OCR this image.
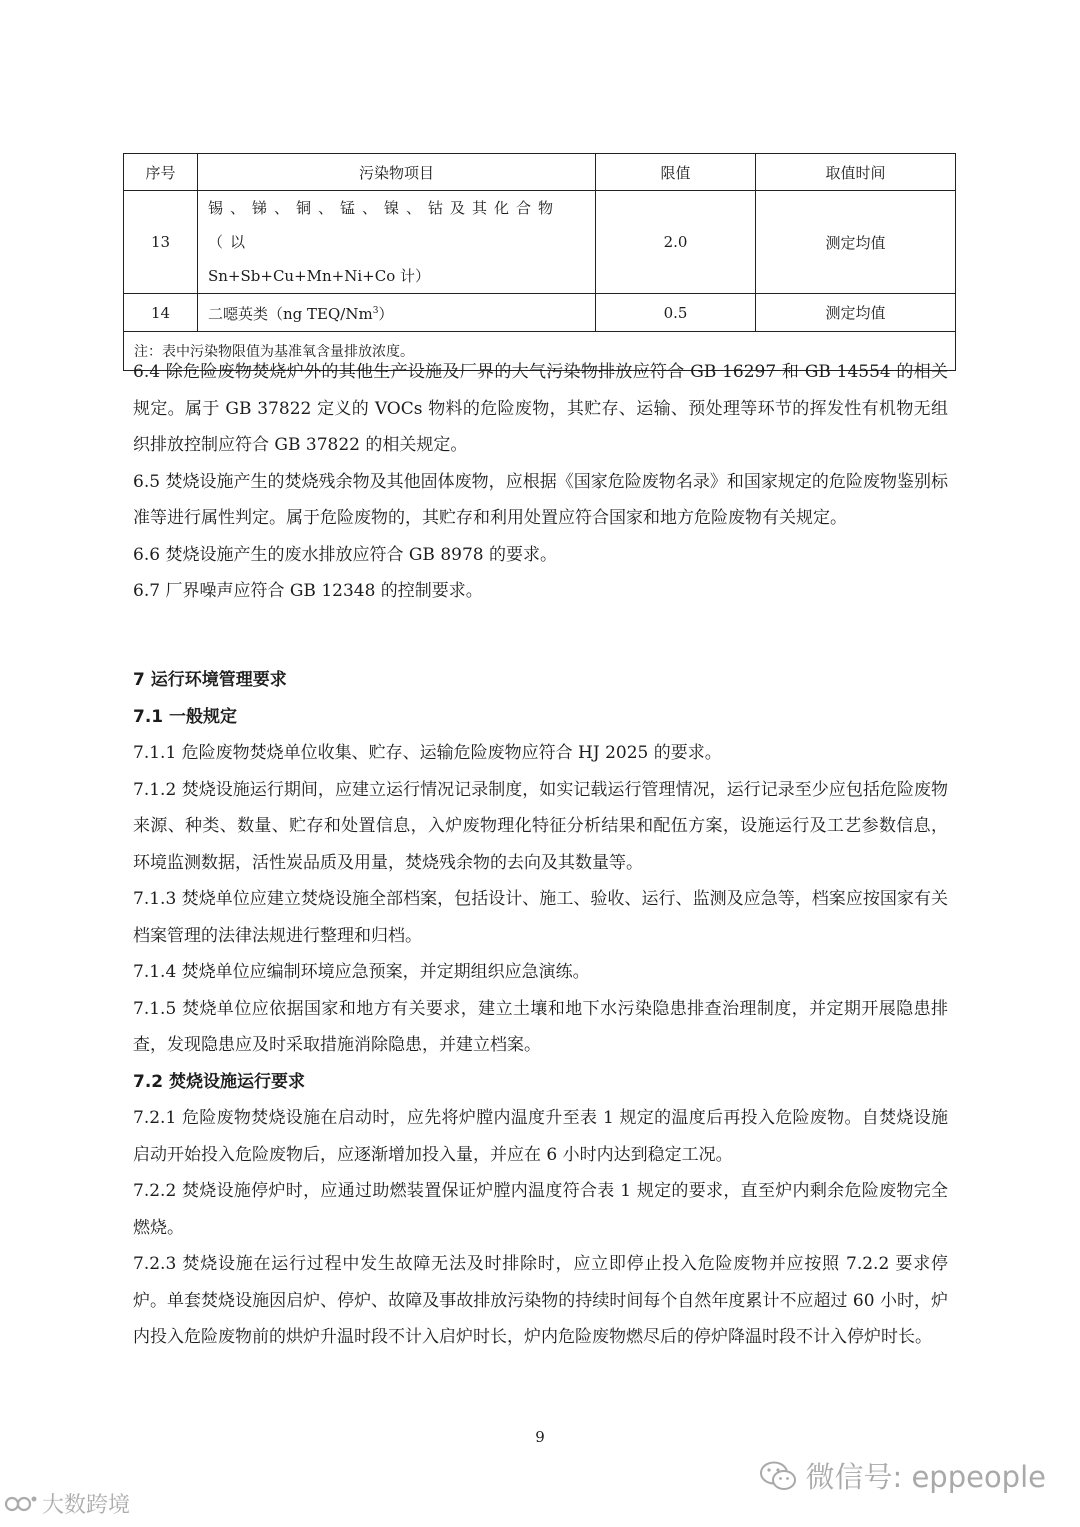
序号	污染物项目	限值	取值时间
13	锡、锑、铜、锰、镍、钴及其化合物（以
Sn+Sb+Cu+Mn+Ni+Co 计）	2.0	测定均值
14	二噁英类（ng TEQ/Nm$^3$）	0.5	测定均值
注：表中污染物限值为基准氧含量排放浓度。			

6.4 除危险废物焚烧炉外的其他生产设施及厂界的大气污染物排放应符合 GB 16297 和 GB 14554 的相关规定。属于 GB 37822 定义的 VOCs 物料的危险废物，其贮存、运输、预处理等环节的挥发性有机物无组织排放控制应符合 GB 37822 的相关规定。

6.5 焚烧设施产生的焚烧残余物及其他固体废物，应根据《国家危险废物名录》和国家规定的危险废物鉴别标准等进行属性判定。属于危险废物的，其贮存和利用处置应符合国家和地方危险废物有关规定。

6.6 焚烧设施产生的废水排放应符合 GB 8978 的要求。

6.7 厂界噪声应符合 GB 12348 的控制要求。

7 运行环境管理要求

7.1 一般规定

7.1.1 危险废物焚烧单位收集、贮存、运输危险废物应符合 HJ 2025 的要求。

7.1.2 焚烧设施运行期间，应建立运行情况记录制度，如实记载运行管理情况，运行记录至少应包括危险废物来源、种类、数量、贮存和处置信息，入炉废物理化特征分析结果和配伍方案，设施运行及工艺参数信息，环境监测数据，活性炭品质及用量，焚烧残余物的去向及其数量等。

7.1.3 焚烧单位应建立焚烧设施全部档案，包括设计、施工、验收、运行、监测及应急等，档案应按国家有关档案管理的法律法规进行整理和归档。

7.1.4 焚烧单位应编制环境应急预案，并定期组织应急演练。

7.1.5 焚烧单位应依据国家和地方有关要求，建立土壤和地下水污染隐患排查治理制度，并定期开展隐患排查，发现隐患应及时采取措施消除隐患，并建立档案。

7.2 焚烧设施运行要求

7.2.1 危险废物焚烧设施在启动时，应先将炉膛内温度升至表 1 规定的温度后再投入危险废物。自焚烧设施启动开始投入危险废物后，应逐渐增加投入量，并应在 6 小时内达到稳定工况。

7.2.2 焚烧设施停炉时，应通过助燃装置保证炉膛内温度符合表 1 规定的要求，直至炉内剩余危险废物完全燃烧。

7.2.3 焚烧设施在运行过程中发生故障无法及时排除时，应立即停止投入危险废物并应按照 7.2.2 要求停炉。单套焚烧设施因启炉、停炉、故障及事故排放污染物的持续时间每个自然年度累计不应超过 60 小时，炉内投入危险废物前的烘炉升温时段不计入启炉时长，炉内危险废物燃尽后的停炉降温时段不计入停炉时长。

9
微信号: eppeople
大数跨境
